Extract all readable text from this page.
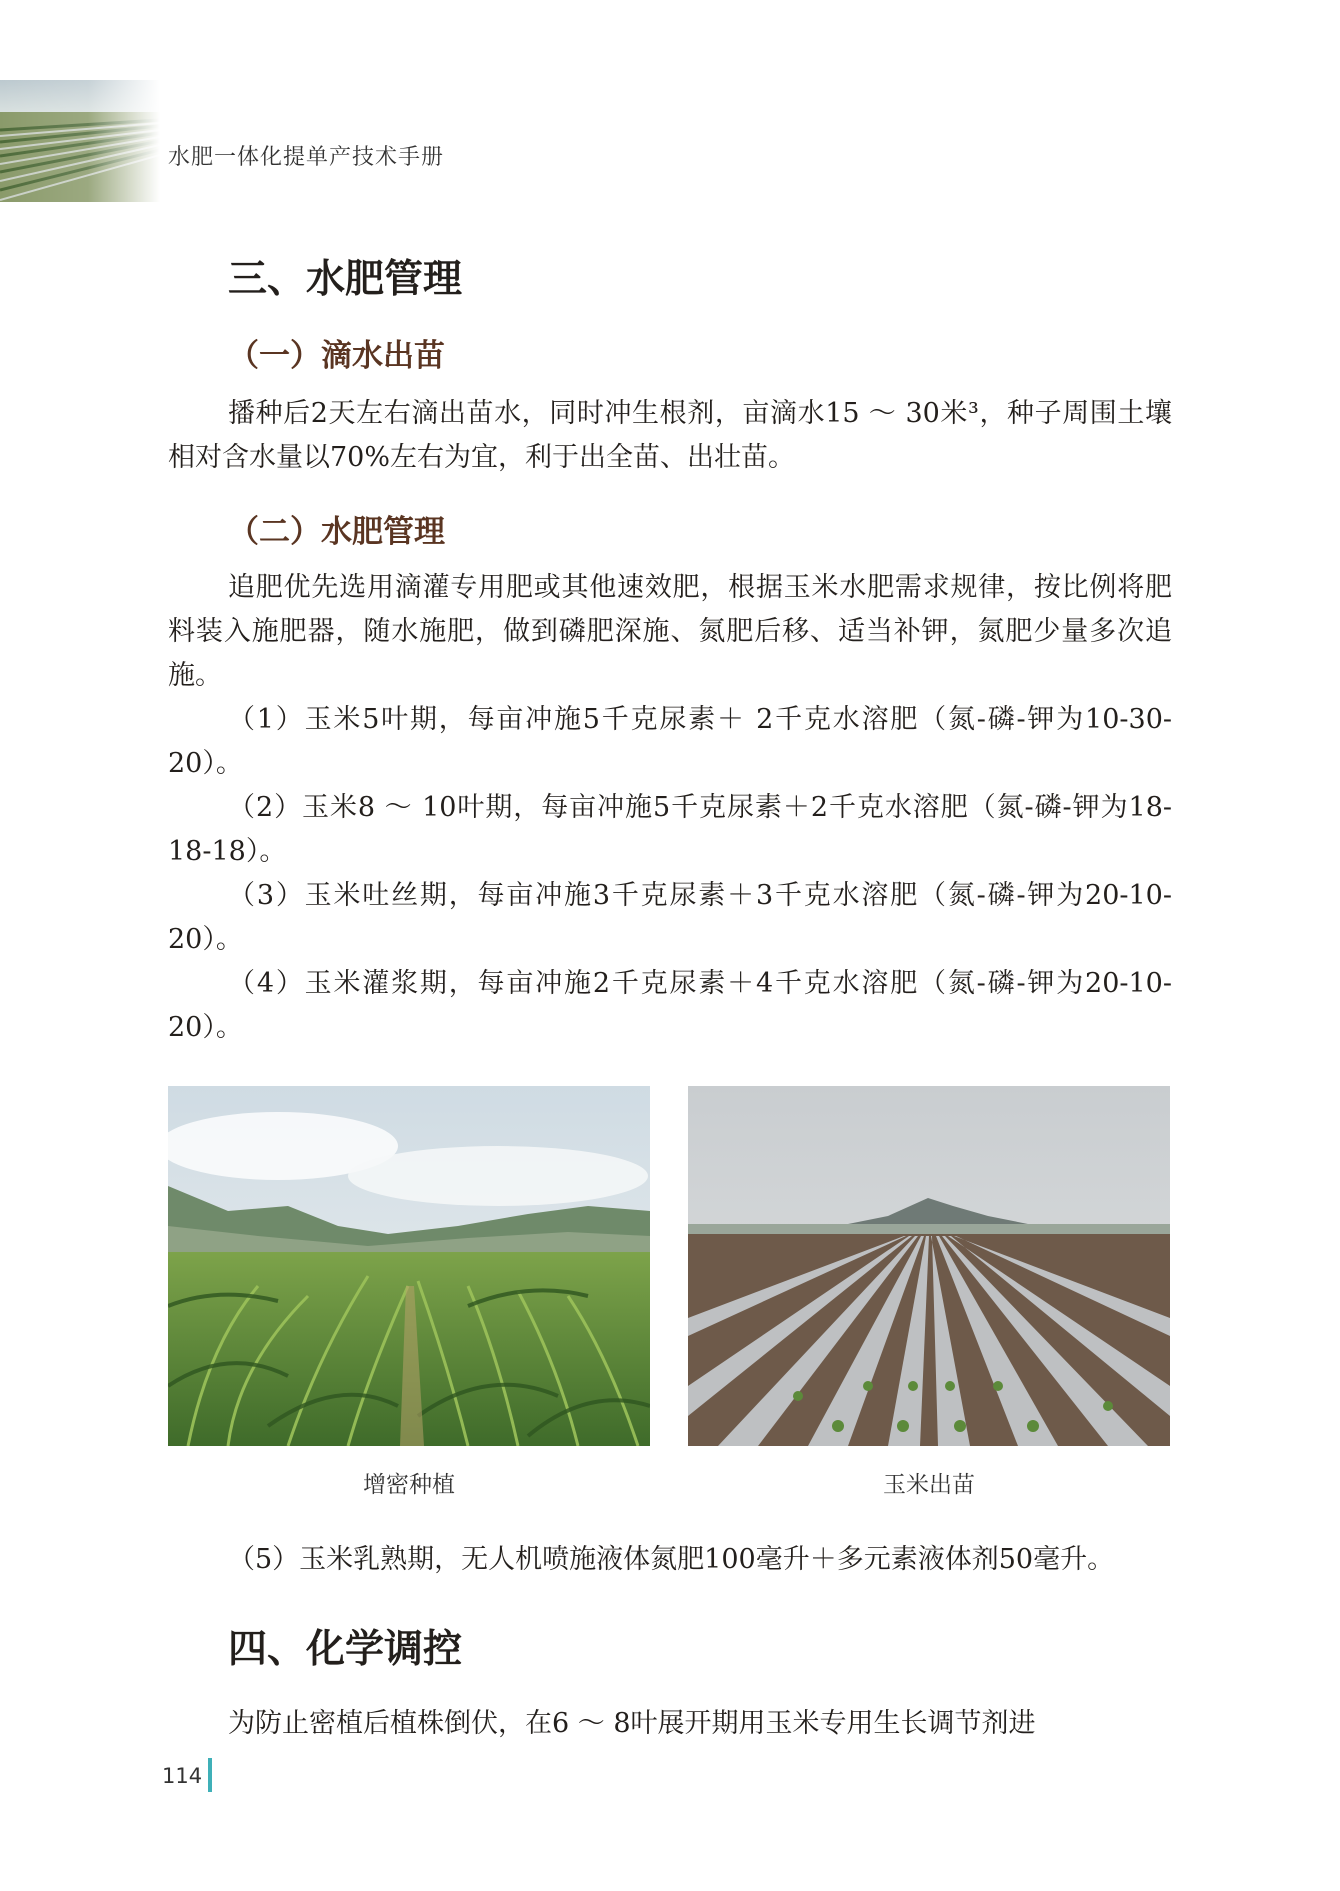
水肥一体化提单产技术手册
三、水肥管理
（一）滴水出苗

播种后2天左右滴出苗水，同时冲生根剂，亩滴水15 ～ 30米³，种子周围土壤相对含水量以70%左右为宜，利于出全苗、出壮苗。

（二）水肥管理

追肥优先选用滴灌专用肥或其他速效肥，根据玉米水肥需求规律，按比例将肥料装入施肥器，随水施肥，做到磷肥深施、氮肥后移、适当补钾，氮肥少量多次追施。

（1）玉米5叶期，每亩冲施5千克尿素＋ 2千克水溶肥（氮-磷-钾为10-30-20）。

（2）玉米8 ～ 10叶期，每亩冲施5千克尿素＋2千克水溶肥（氮-磷-钾为18-18-18）。

（3）玉米吐丝期，每亩冲施3千克尿素＋3千克水溶肥（氮-磷-钾为20-10-20）。

（4）玉米灌浆期，每亩冲施2千克尿素＋4千克水溶肥（氮-磷-钾为20-10-20）。

增密种植	玉米出苗

（5）玉米乳熟期，无人机喷施液体氮肥100毫升＋多元素液体剂50毫升。

四、化学调控

为防止密植后植株倒伏，在6 ～ 8叶展开期用玉米专用生长调节剂进

114
